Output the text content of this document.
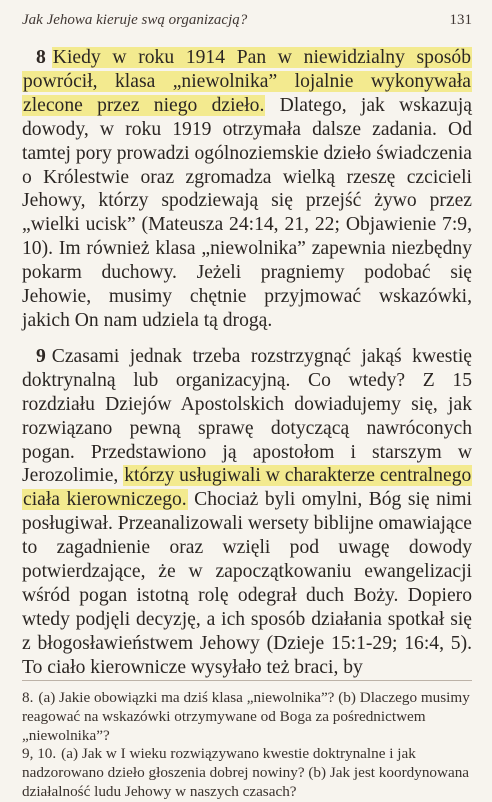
Jak Jehowa kieruje swą organizacją?	131

8 Kiedy w roku 1914 Pan w niewidzialny sposób powrócił, klasa „niewolnika” lojalnie wykonywała zlecone przez niego dzieło. Dlatego, jak wskazują dowody, w roku 1919 otrzymała dalsze zadania. Od tamtej pory prowadzi ogólnoziemskie dzieło świadczenia o Królestwie oraz zgromadza wielką rzeszę czcicieli Jehowy, którzy spodziewają się przejść żywo przez „wielki ucisk” (Mateusza 24:14, 21, 22; Objawienie 7:9, 10). Im również klasa „niewolnika” zapewnia niezbędny pokarm duchowy. Jeżeli pragniemy podobać się Jehowie, musimy chętnie przyjmować wskazówki, jakich On nam udziela tą drogą.

9 Czasami jednak trzeba rozstrzygnąć jakąś kwestię doktrynalną lub organizacyjną. Co wtedy? Z 15 rozdziału Dziejów Apostolskich dowiadujemy się, jak rozwiązano pewną sprawę dotyczącą nawróconych pogan. Przedstawiono ją apostołom i starszym w Jerozolimie, którzy usługiwali w charakterze centralnego ciała kierowniczego. Chociaż byli omylni, Bóg się nimi posługiwał. Przeanalizowali wersety biblijne omawiające to zagadnienie oraz wzięli pod uwagę dowody potwierdzające, że w zapoczątkowaniu ewangelizacji wśród pogan istotną rolę odegrał duch Boży. Dopiero wtedy podjęli decyzję, a ich sposób działania spotkał się z błogosławieństwem Jehowy (Dzieje 15:1-29; 16:4, 5). To ciało kierownicze wysyłało też braci, by

8. (a) Jakie obowiązki ma dziś klasa „niewolnika”? (b) Dlaczego musimy reagować na wskazówki otrzymywane od Boga za pośrednictwem „niewolnika”?

9, 10. (a) Jak w I wieku rozwiązywano kwestie doktrynalne i jak nadzorowano dzieło głoszenia dobrej nowiny? (b) Jak jest koordynowana działalność ludu Jehowy w naszych czasach?
